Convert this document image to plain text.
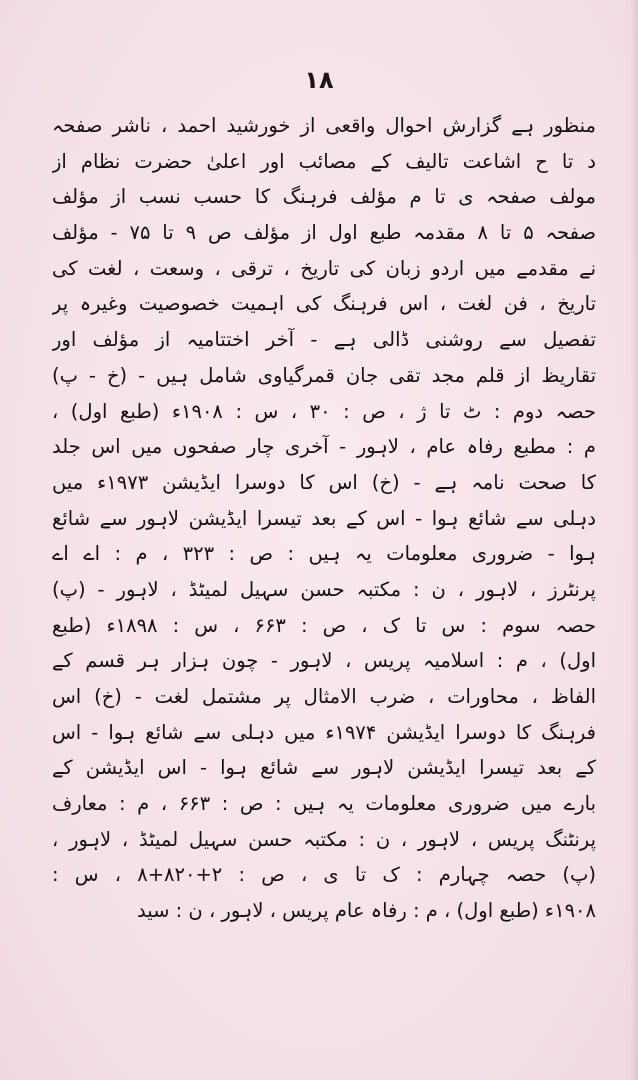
۱۸
منظور ہے گزارش احوال واقعی از خورشید احمد ، ناشر صفحہ
د تا ح اشاعت تالیف کے مصائب اور اعلیٰ حضرت نظام از
مولف صفحہ ی تا م مؤلف فرہنگ کا حسب نسب از مؤلف
صفحہ ۵ تا ۸ مقدمہ طبع اول از مؤلف ص ۹ تا ۷۵ - مؤلف
نے مقدمے میں اردو زبان کی تاریخ ، ترقی ، وسعت ، لغت کی
تاریخ ، فن لغت ، اس فرہنگ کی اہمیت خصوصیت وغیرہ پر
تفصیل سے روشنی ڈالی ہے - آخر اختتامیہ از مؤلف اور
تقاریظ از قلم مجد تقی جان قمرگیاوی شامل ہیں - (خ - پ)
حصہ دوم : ٹ تا ژ ، ص : ۳۰ ، س : ۱۹۰۸ء (طبع اول) ،
م : مطبع رفاہ عام ، لاہور - آخری چار صفحوں میں اس جلد
کا صحت نامہ ہے - (خ) اس کا دوسرا ایڈیشن ۱۹۷۳ء میں
دہلی سے شائع ہوا - اس کے بعد تیسرا ایڈیشن لاہور سے شائع
ہوا - ضروری معلومات یہ ہیں : ص : ۳۲۳ ، م : اے اے
پرنٹرز ، لاہور ، ن : مکتبہ حسن سہیل لمیٹڈ ، لاہور - (پ)
حصہ سوم : س تا ک ، ص : ۶۶۳ ، س : ۱۸۹۸ء (طبع
اول) ، م : اسلامیہ پریس ، لاہور - چون ہزار ہر قسم کے
الفاظ ، محاورات ، ضرب الامثال پر مشتمل لغت - (خ) اس
فرہنگ کا دوسرا ایڈیشن ۱۹۷۴ء میں دہلی سے شائع ہوا - اس
کے بعد تیسرا ایڈیشن لاہور سے شائع ہوا - اس ایڈیشن کے
بارے میں ضروری معلومات یہ ہیں : ص : ۶۶۳ ، م : معارف
پرنٹنگ پریس ، لاہور ، ن : مکتبہ حسن سہیل لمیٹڈ ، لاہور ،
(پ) حصہ چہارم : ک تا ی ، ص : ۲+۸۲۰+۸ ، س :
۱۹۰۸ء (طبع اول) ، م : رفاہ عام پریس ، لاہور ، ن : سید
